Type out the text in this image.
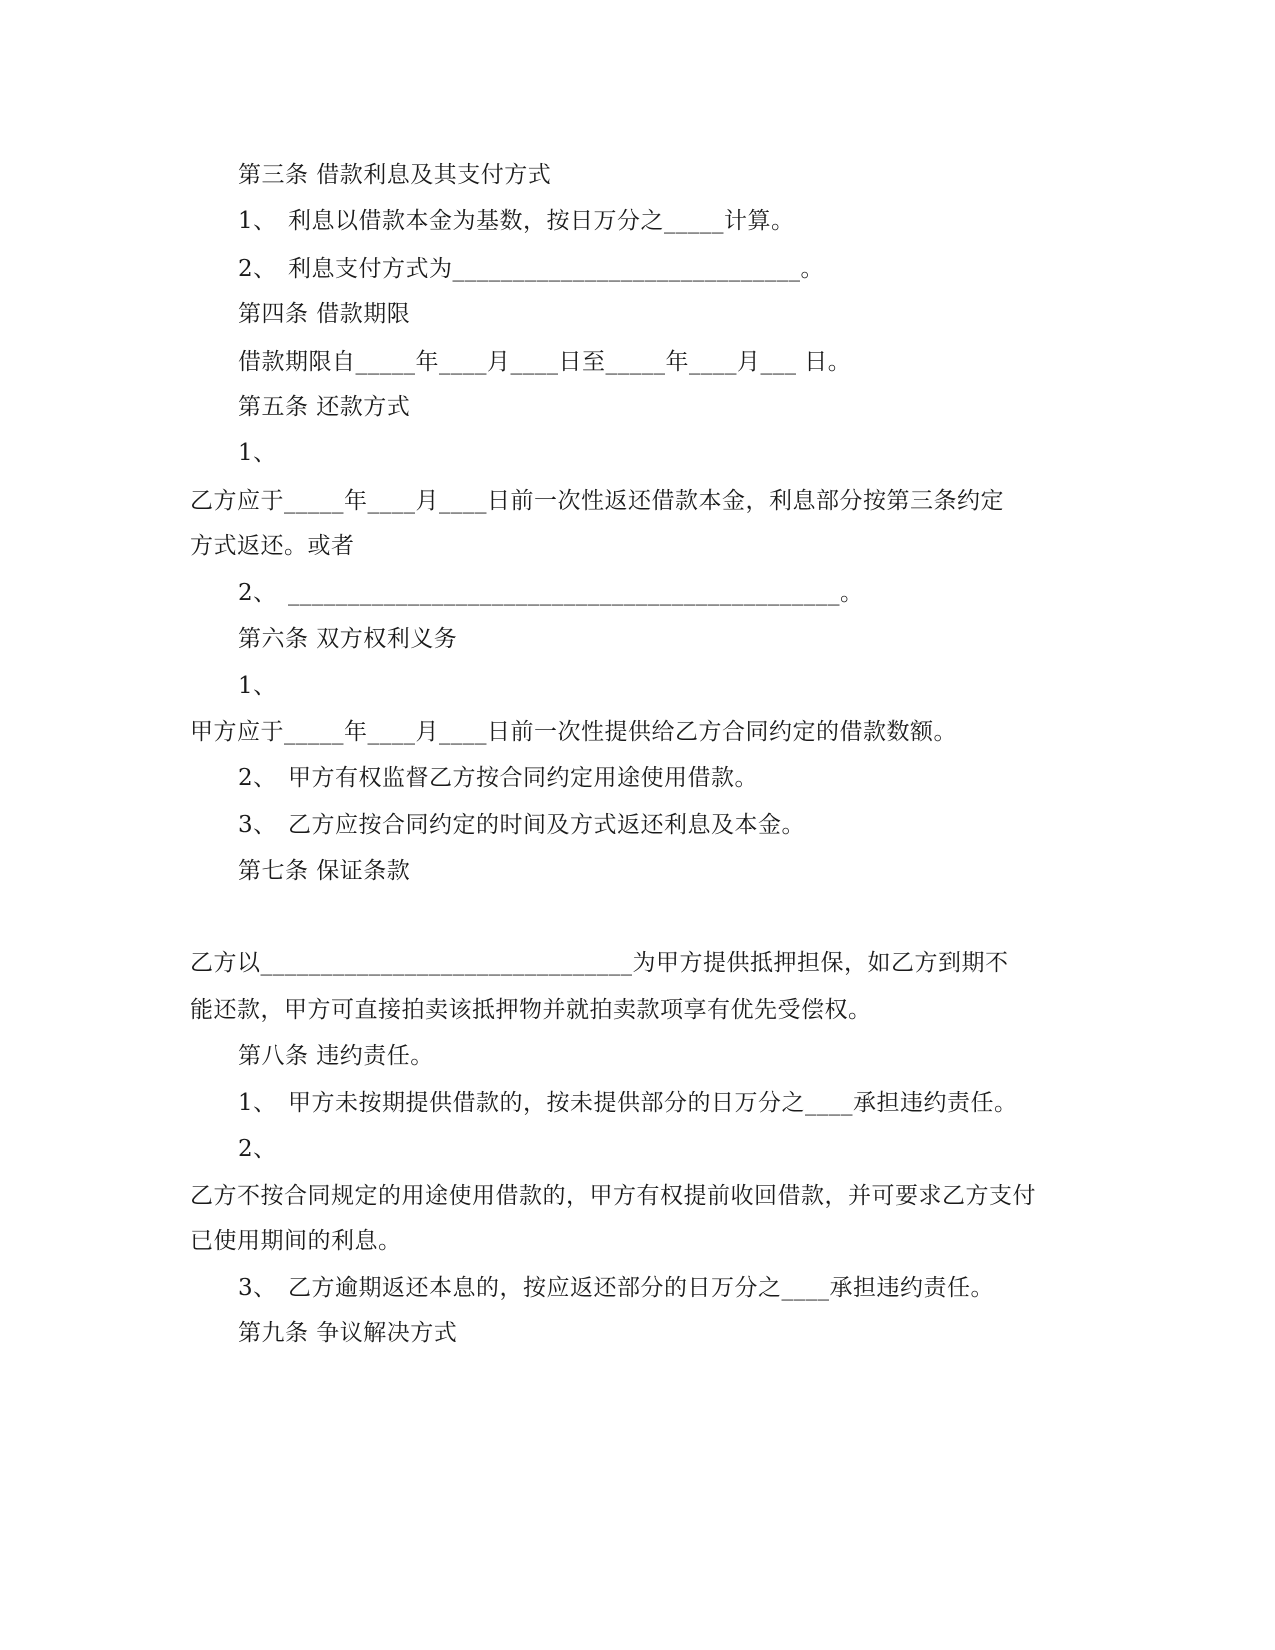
第三条 借款利息及其支付方式
1、 利息以借款本金为基数，按日万分之_____计算。
2、 利息支付方式为_____________________________。
第四条 借款期限
借款期限自_____年____月____日至_____年____月___ 日。
第五条 还款方式
1、
乙方应于_____年____月____日前一次性返还借款本金，利息部分按第三条约定
方式返还。或者
2、 ______________________________________________。
第六条 双方权利义务
1、
甲方应于_____年____月____日前一次性提供给乙方合同约定的借款数额。
2、 甲方有权监督乙方按合同约定用途使用借款。
3、 乙方应按合同约定的时间及方式返还利息及本金。
第七条 保证条款
乙方以_______________________________为甲方提供抵押担保，如乙方到期不
能还款，甲方可直接拍卖该抵押物并就拍卖款项享有优先受偿权。
第八条 违约责任。
1、 甲方未按期提供借款的，按未提供部分的日万分之____承担违约责任。
2、
乙方不按合同规定的用途使用借款的，甲方有权提前收回借款，并可要求乙方支付
已使用期间的利息。
3、 乙方逾期返还本息的，按应返还部分的日万分之____承担违约责任。
第九条 争议解决方式
